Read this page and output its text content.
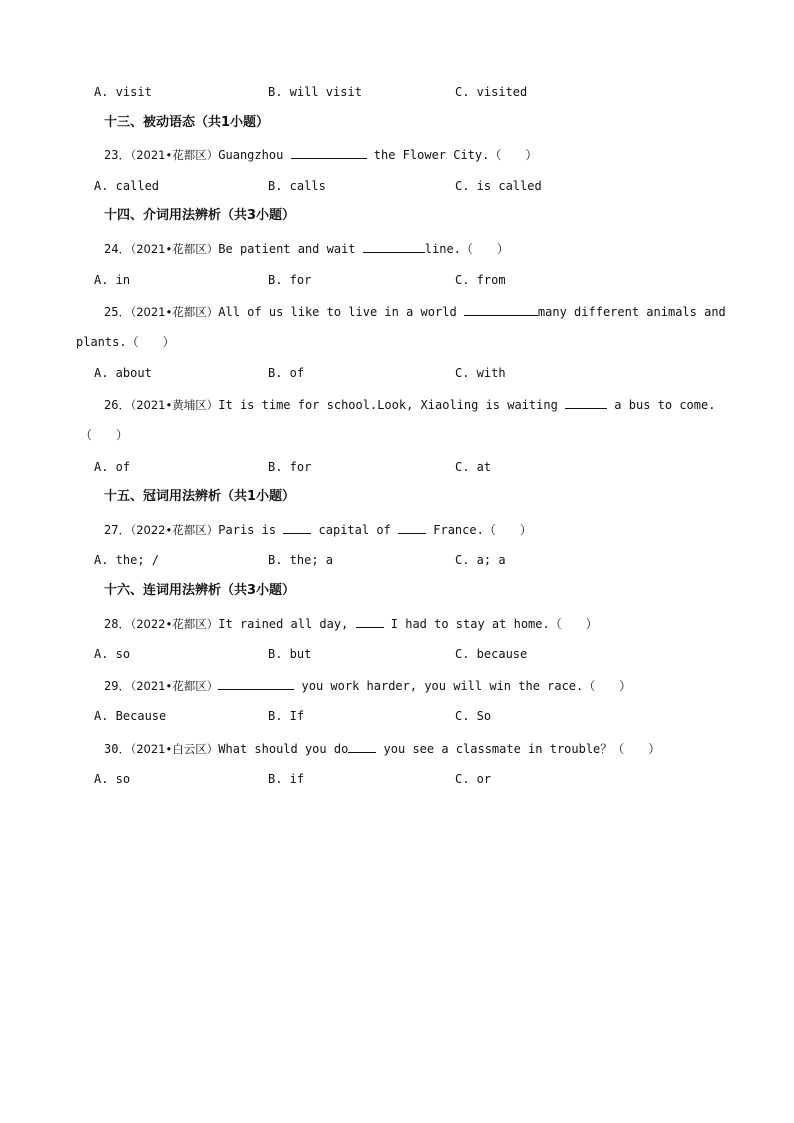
A. visit	B. will visit	C. visited
十三、被动语态（共1小题）
23．（2021•花都区）Guangzhou	the Flower City.（　　）
A. called	B. calls	C. is called
十四、介词用法辨析（共3小题）
24．（2021•花都区）Be patient and wait	line.（　　）
A. in	B. for	C. from
25．（2021•花都区）All of us like to live in a world	many different animals and
plants.（　　）
A. about	B. of	C. with
26．（2021•黄埔区）It is time for school.Look, Xiaoling is waiting	a bus to come.
（　　）
A. of	B. for	C. at
十五、冠词用法辨析（共1小题）
27．（2022•花都区）Paris is	capital of	France.（　　）
A. the; /	B. the; a	C. a; a
十六、连词用法辨析（共3小题）
28．（2022•花都区）It rained all day,	I had to stay at home.（　　）
A. so	B. but	C. because
29．（2021•花都区）	you work harder, you will win the race.（　　）
A. Because	B. If	C. So
30．（2021•白云区）What should you do	you see a classmate in trouble？（　　）
A. so	B. if	C. or
